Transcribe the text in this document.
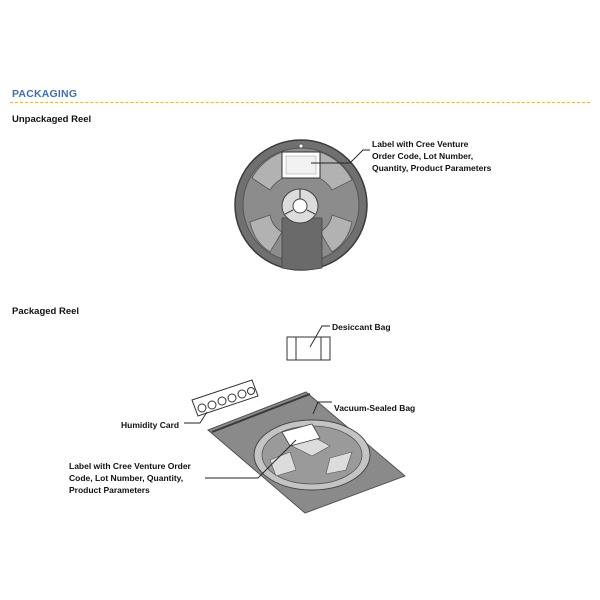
PACKAGING
Unpackaged Reel
Label with Cree Venture
Order Code, Lot Number,
Quantity, Product Parameters
Packaged Reel
Desiccant Bag
Vacuum-Sealed Bag
Humidity Card
Label with Cree Venture Order
Code, Lot Number, Quantity,
Product Parameters
